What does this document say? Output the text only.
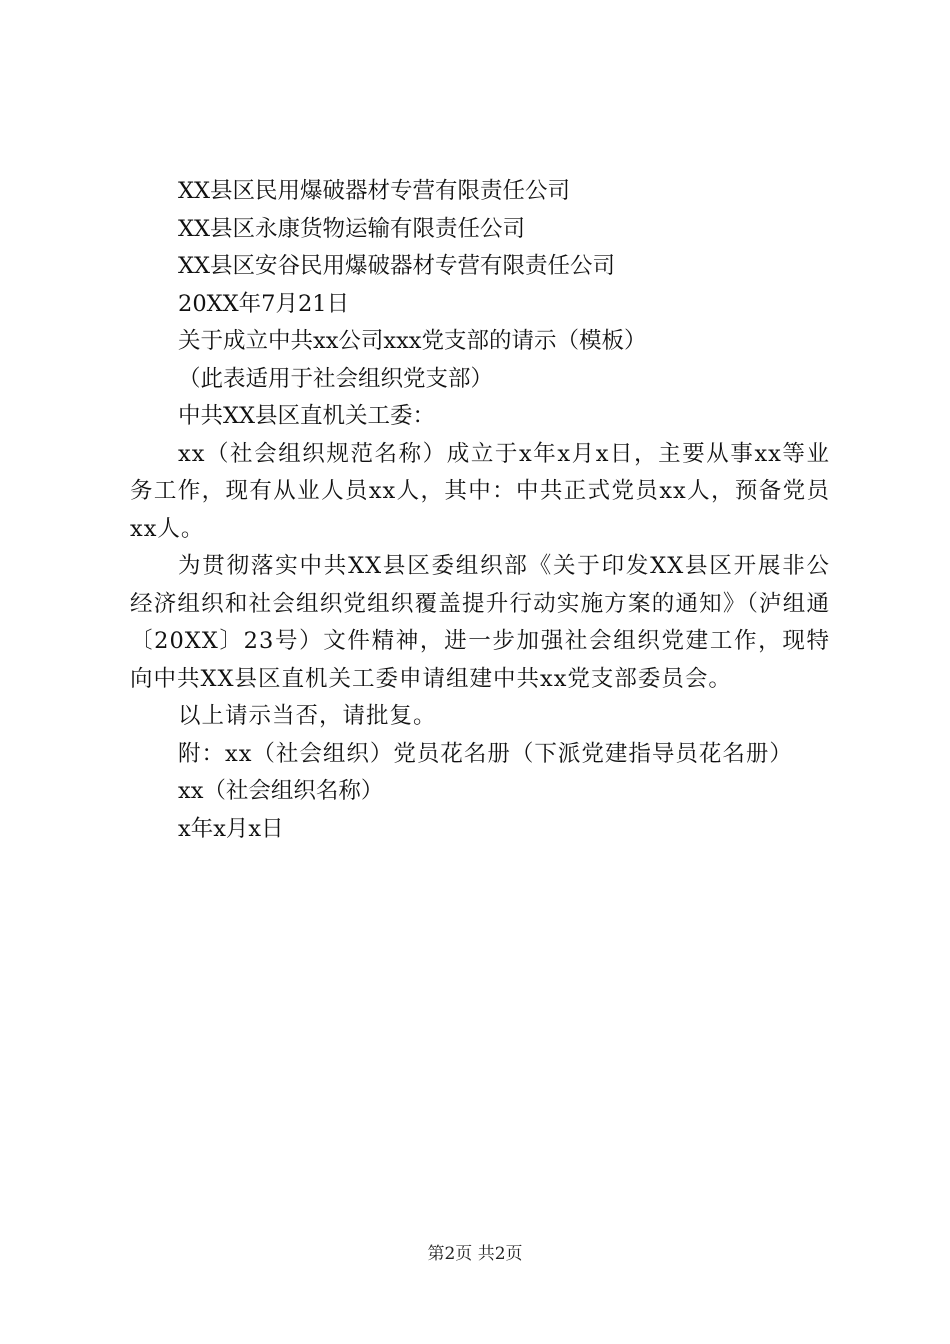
XX县区民用爆破器材专营有限责任公司

XX县区永康货物运输有限责任公司

XX县区安谷民用爆破器材专营有限责任公司

20XX年7月21日

关于成立中共xx公司xxx党支部的请示（模板）

（此表适用于社会组织党支部）

中共XX县区直机关工委：

xx（社会组织规范名称）成立于x年x月x日，主要从事xx等业务工作，现有从业人员xx人，其中：中共正式党员xx人，预备党员xx人。

为贯彻落实中共XX县区委组织部《关于印发XX县区开展非公经济组织和社会组织党组织覆盖提升行动实施方案的通知》（泸组通〔20XX〕23号）文件精神，进一步加强社会组织党建工作，现特向中共XX县区直机关工委申请组建中共xx党支部委员会。

以上请示当否，请批复。

附：xx（社会组织）党员花名册（下派党建指导员花名册）

xx（社会组织名称）

x年x月x日

第2页 共2页
